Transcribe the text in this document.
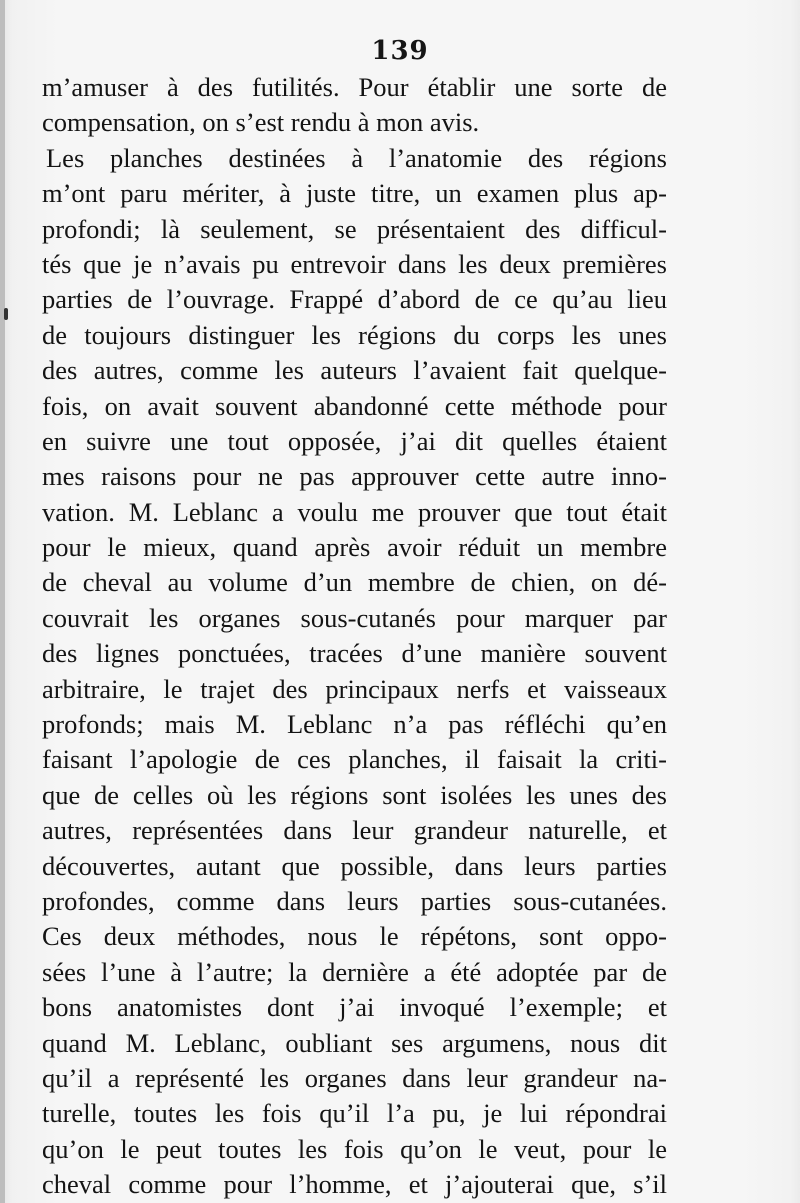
139
m’amuser à des futilités. Pour établir une sorte de
compensation, on s’est rendu à mon avis.
Les planches destinées à l’anatomie des régions
m’ont paru mériter, à juste titre, un examen plus ap-
profondi; là seulement, se présentaient des difficul-
tés que je n’avais pu entrevoir dans les deux premières
parties de l’ouvrage. Frappé d’abord de ce qu’au lieu
de toujours distinguer les régions du corps les unes
des autres, comme les auteurs l’avaient fait quelque-
fois, on avait souvent abandonné cette méthode pour
en suivre une tout opposée, j’ai dit quelles étaient
mes raisons pour ne pas approuver cette autre inno-
vation. M. Leblanc a voulu me prouver que tout était
pour le mieux, quand après avoir réduit un membre
de cheval au volume d’un membre de chien, on dé-
couvrait les organes sous-cutanés pour marquer par
des lignes ponctuées, tracées d’une manière souvent
arbitraire, le trajet des principaux nerfs et vaisseaux
profonds; mais M. Leblanc n’a pas réfléchi qu’en
faisant l’apologie de ces planches, il faisait la criti-
que de celles où les régions sont isolées les unes des
autres, représentées dans leur grandeur naturelle, et
découvertes, autant que possible, dans leurs parties
profondes, comme dans leurs parties sous-cutanées.
Ces deux méthodes, nous le répétons, sont oppo-
sées l’une à l’autre; la dernière a été adoptée par de
bons anatomistes dont j’ai invoqué l’exemple; et
quand M. Leblanc, oubliant ses argumens, nous dit
qu’il a représenté les organes dans leur grandeur na-
turelle, toutes les fois qu’il l’a pu, je lui répondrai
qu’on le peut toutes les fois qu’on le veut, pour le
cheval comme pour l’homme, et j’ajouterai que, s’il
